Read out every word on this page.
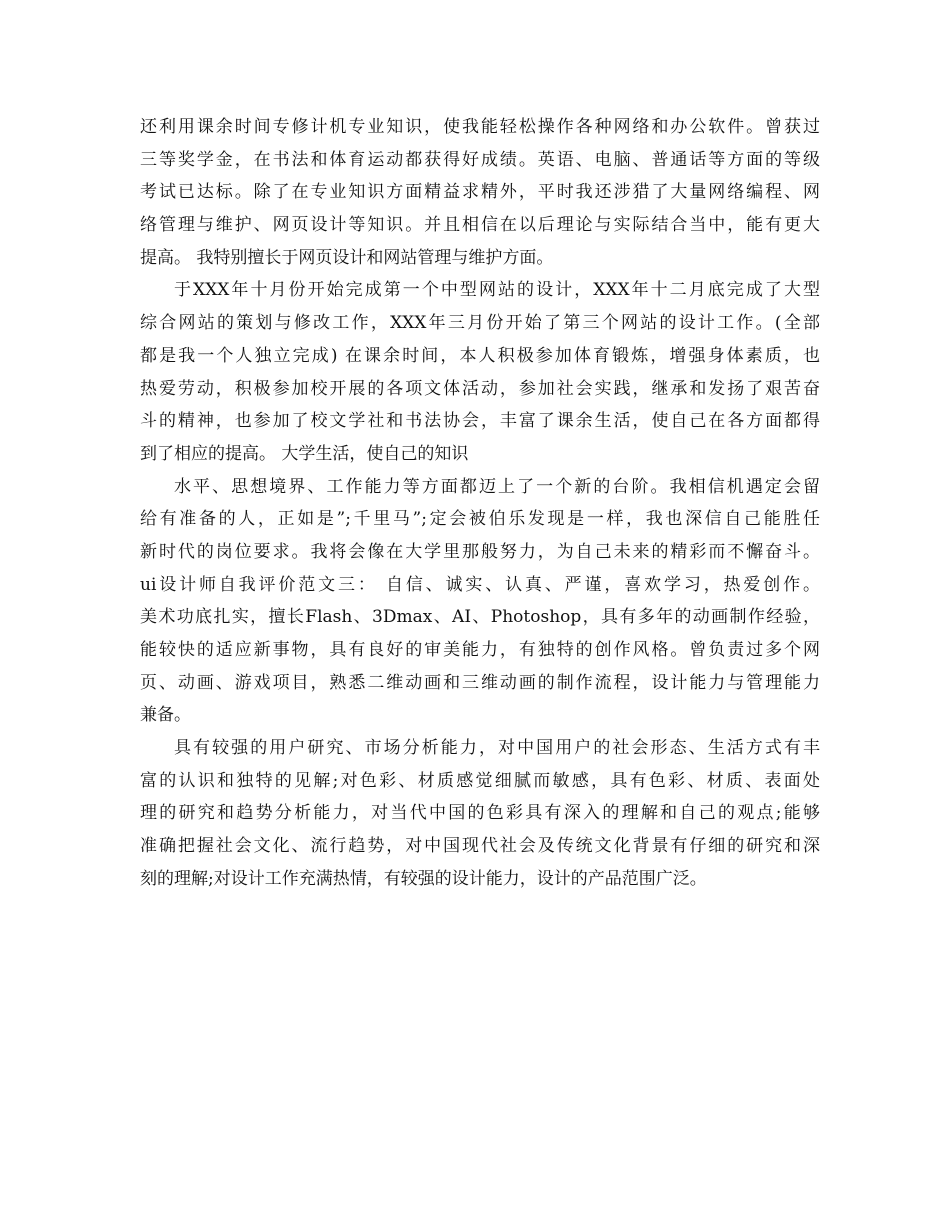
还利用课余时间专修计机专业知识，使我能轻松操作各种网络和办公软件。曾获过
三等奖学金，在书法和体育运动都获得好成绩。英语、电脑、普通话等方面的等级
考试已达标。除了在专业知识方面精益求精外，平时我还涉猎了大量网络编程、网
络管理与维护、网页设计等知识。并且相信在以后理论与实际结合当中，能有更大
提高。 我特别擅长于网页设计和网站管理与维护方面。
于XXX年十月份开始完成第一个中型网站的设计，XXX年十二月底完成了大型
综合网站的策划与修改工作，XXX年三月份开始了第三个网站的设计工作。(全部
都是我一个人独立完成) 在课余时间，本人积极参加体育锻炼，增强身体素质，也
热爱劳动，积极参加校开展的各项文体活动，参加社会实践，继承和发扬了艰苦奋
斗的精神，也参加了校文学社和书法协会，丰富了课余生活，使自己在各方面都得
到了相应的提高。 大学生活，使自己的知识
水平、思想境界、工作能力等方面都迈上了一个新的台阶。我相信机遇定会留
给有准备的人，正如是”;千里马”;定会被伯乐发现是一样，我也深信自己能胜任
新时代的岗位要求。我将会像在大学里那般努力，为自己未来的精彩而不懈奋斗。
ui设计师自我评价范文三： 自信、诚实、认真、严谨，喜欢学习，热爱创作。
美术功底扎实，擅长Flash、3Dmax、AI、Photoshop，具有多年的动画制作经验，
能较快的适应新事物，具有良好的审美能力，有独特的创作风格。曾负责过多个网
页、动画、游戏项目，熟悉二维动画和三维动画的制作流程，设计能力与管理能力
兼备。
具有较强的用户研究、市场分析能力，对中国用户的社会形态、生活方式有丰
富的认识和独特的见解;对色彩、材质感觉细腻而敏感，具有色彩、材质、表面处
理的研究和趋势分析能力，对当代中国的色彩具有深入的理解和自己的观点;能够
准确把握社会文化、流行趋势，对中国现代社会及传统文化背景有仔细的研究和深
刻的理解;对设计工作充满热情，有较强的设计能力，设计的产品范围广泛。
